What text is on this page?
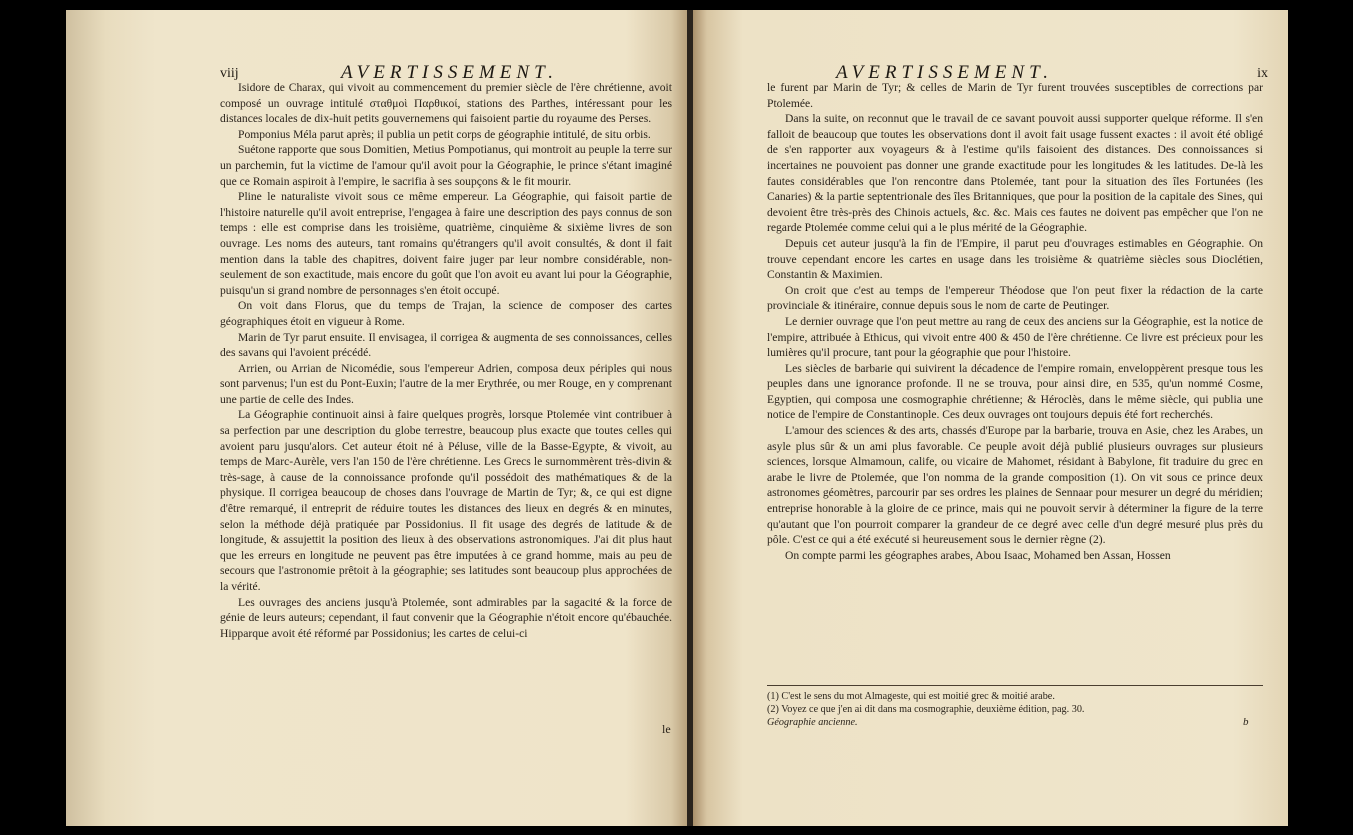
viij	AVERTISSEMENT.

Isidore de Charax, qui vivoit au commencement du premier siècle de l'ère chrétienne, avoit composé un ouvrage intitulé σταθμοὶ Παρθικοί, stations des Parthes, intéressant pour les distances locales de dix-huit petits gouvernemens qui faisoient partie du royaume des Perses.

Pomponius Méla parut après; il publia un petit corps de géographie intitulé, de situ orbis.

Suétone rapporte que sous Domitien, Metius Pompotianus, qui montroit au peuple la terre sur un parchemin, fut la victime de l'amour qu'il avoit pour la Géographie, le prince s'étant imaginé que ce Romain aspiroit à l'empire, le sacrifia à ses soupçons & le fit mourir.

Pline le naturaliste vivoit sous ce même empereur. La Géographie, qui faisoit partie de l'histoire naturelle qu'il avoit entreprise, l'engagea à faire une description des pays connus de son temps : elle est comprise dans les troisième, quatrième, cinquième & sixième livres de son ouvrage. Les noms des auteurs, tant romains qu'étrangers qu'il avoit consultés, & dont il fait mention dans la table des chapitres, doivent faire juger par leur nombre considérable, non-seulement de son exactitude, mais encore du goût que l'on avoit eu avant lui pour la Géographie, puisqu'un si grand nombre de personnages s'en étoit occupé.

On voit dans Florus, que du temps de Trajan, la science de composer des cartes géographiques étoit en vigueur à Rome.

Marin de Tyr parut ensuite. Il envisagea, il corrigea & augmenta de ses connoissances, celles des savans qui l'avoient précédé.

Arrien, ou Arrian de Nicomédie, sous l'empereur Adrien, composa deux périples qui nous sont parvenus; l'un est du Pont-Euxin; l'autre de la mer Erythrée, ou mer Rouge, en y comprenant une partie de celle des Indes.

La Géographie continuoit ainsi à faire quelques progrès, lorsque Ptolemée vint contribuer à sa perfection par une description du globe terrestre, beaucoup plus exacte que toutes celles qui avoient paru jusqu'alors. Cet auteur étoit né à Péluse, ville de la Basse-Egypte, & vivoit, au temps de Marc-Aurèle, vers l'an 150 de l'ère chrétienne. Les Grecs le surnommèrent très-divin & très-sage, à cause de la connoissance profonde qu'il possédoit des mathématiques & de la physique. Il corrigea beaucoup de choses dans l'ouvrage de Martin de Tyr; &, ce qui est digne d'être remarqué, il entreprit de réduire toutes les distances des lieux en degrés & en minutes, selon la méthode déjà pratiquée par Possidonius. Il fit usage des degrés de latitude & de longitude, & assujettit la position des lieux à des observations astronomiques. J'ai dit plus haut que les erreurs en longitude ne peuvent pas être imputées à ce grand homme, mais au peu de secours que l'astronomie prêtoit à la géographie; ses latitudes sont beaucoup plus approchées de la vérité.

Les ouvrages des anciens jusqu'à Ptolemée, sont admirables par la sagacité & la force de génie de leurs auteurs; cependant, il faut convenir que la Géographie n'étoit encore qu'ébauchée. Hipparque avoit été réformé par Possidonius; les cartes de celui-ci

le
AVERTISSEMENT.	ix

le furent par Marin de Tyr; & celles de Marin de Tyr furent trouvées susceptibles de corrections par Ptolemée.

Dans la suite, on reconnut que le travail de ce savant pouvoit aussi supporter quelque réforme. Il s'en falloit de beaucoup que toutes les observations dont il avoit fait usage fussent exactes : il avoit été obligé de s'en rapporter aux voyageurs & à l'estime qu'ils faisoient des distances. Des connoissances si incertaines ne pouvoient pas donner une grande exactitude pour les longitudes & les latitudes. De-là les fautes considérables que l'on rencontre dans Ptolemée, tant pour la situation des îles Fortunées (les Canaries) & la partie septentrionale des îles Britanniques, que pour la position de la capitale des Sines, qui devoient être très-près des Chinois actuels, &c. &c. Mais ces fautes ne doivent pas empêcher que l'on ne regarde Ptolemée comme celui qui a le plus mérité de la Géographie.

Depuis cet auteur jusqu'à la fin de l'Empire, il parut peu d'ouvrages estimables en Géographie. On trouve cependant encore les cartes en usage dans les troisième & quatrième siècles sous Dioclétien, Constantin & Maximien.

On croit que c'est au temps de l'empereur Théodose que l'on peut fixer la rédaction de la carte provinciale & itinéraire, connue depuis sous le nom de carte de Peutinger.

Le dernier ouvrage que l'on peut mettre au rang de ceux des anciens sur la Géographie, est la notice de l'empire, attribuée à Ethicus, qui vivoit entre 400 & 450 de l'ère chrétienne. Ce livre est précieux pour les lumières qu'il procure, tant pour la géographie que pour l'histoire.

Les siècles de barbarie qui suivirent la décadence de l'empire romain, enveloppèrent presque tous les peuples dans une ignorance profonde. Il ne se trouva, pour ainsi dire, en 535, qu'un nommé Cosme, Egyptien, qui composa une cosmographie chrétienne; & Héroclès, dans le même siècle, qui publia une notice de l'empire de Constantinople. Ces deux ouvrages ont toujours depuis été fort recherchés.

L'amour des sciences & des arts, chassés d'Europe par la barbarie, trouva en Asie, chez les Arabes, un asyle plus sûr & un ami plus favorable. Ce peuple avoit déjà publié plusieurs ouvrages sur plusieurs sciences, lorsque Almamoun, calife, ou vicaire de Mahomet, résidant à Babylone, fit traduire du grec en arabe le livre de Ptolemée, que l'on nomma de la grande composition (1). On vit sous ce prince deux astronomes géomètres, parcourir par ses ordres les plaines de Sennaar pour mesurer un degré du méridien; entreprise honorable à la gloire de ce prince, mais qui ne pouvoit servir à déterminer la figure de la terre qu'autant que l'on pourroit comparer la grandeur de ce degré avec celle d'un degré mesuré plus près du pôle. C'est ce qui a été exécuté si heureusement sous le dernier règne (2).

On compte parmi les géographes arabes, Abou Isaac, Mohamed ben Assan, Hossen

(1) C'est le sens du mot Almageste, qui est moitié grec & moitié arabe.
(2) Voyez ce que j'en ai dit dans ma cosmographie, deuxième édition, pag. 30.
Géographie ancienne.	b
